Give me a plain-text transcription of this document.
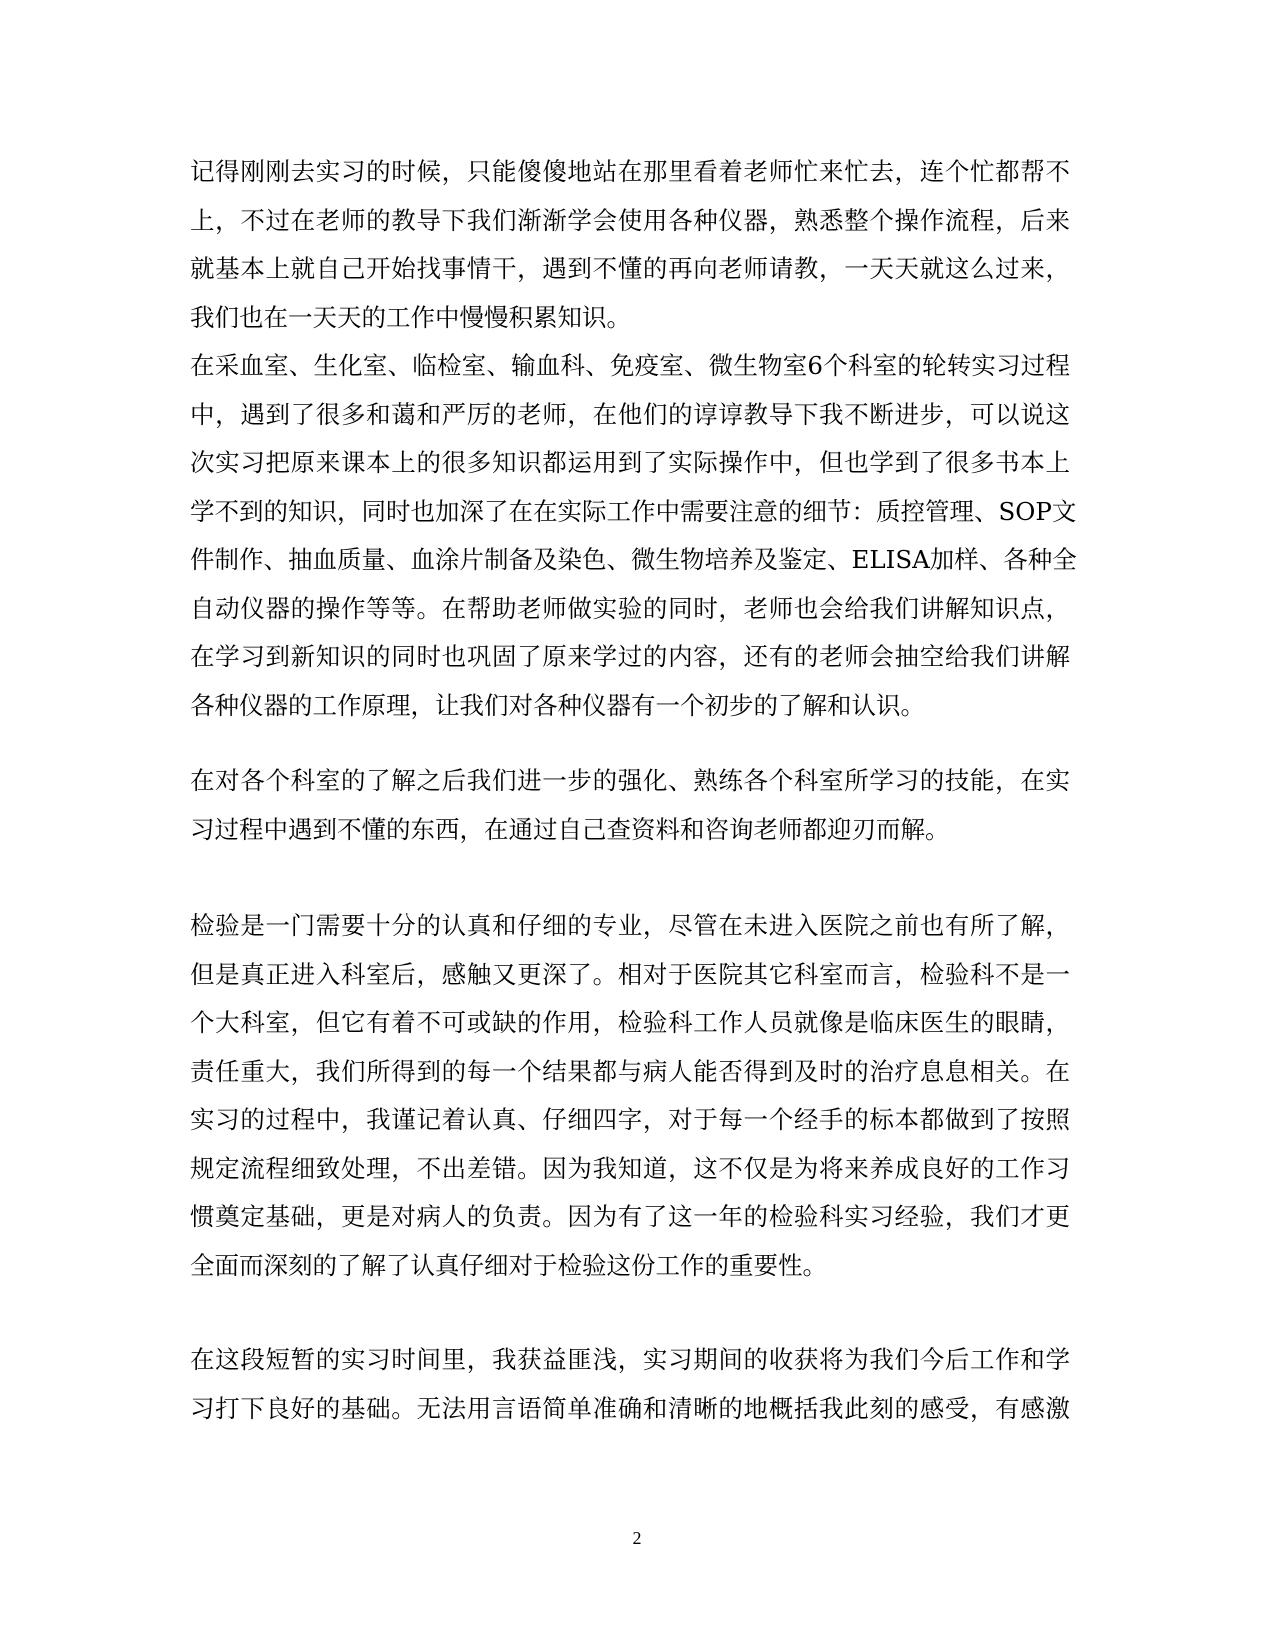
记得刚刚去实习的时候，只能傻傻地站在那里看着老师忙来忙去，连个忙都帮不
上，不过在老师的教导下我们渐渐学会使用各种仪器，熟悉整个操作流程，后来
就基本上就自己开始找事情干，遇到不懂的再向老师请教，一天天就这么过来，
我们也在一天天的工作中慢慢积累知识。
在采血室、生化室、临检室、输血科、免疫室、微生物室6个科室的轮转实习过程
中，遇到了很多和蔼和严厉的老师，在他们的谆谆教导下我不断进步，可以说这
次实习把原来课本上的很多知识都运用到了实际操作中，但也学到了很多书本上
学不到的知识，同时也加深了在在实际工作中需要注意的细节：质控管理、SOP文
件制作、抽血质量、血涂片制备及染色、微生物培养及鉴定、ELISA加样、各种全
自动仪器的操作等等。在帮助老师做实验的同时，老师也会给我们讲解知识点，
在学习到新知识的同时也巩固了原来学过的内容，还有的老师会抽空给我们讲解
各种仪器的工作原理，让我们对各种仪器有一个初步的了解和认识。
在对各个科室的了解之后我们进一步的强化、熟练各个科室所学习的技能，在实
习过程中遇到不懂的东西，在通过自己查资料和咨询老师都迎刃而解。
检验是一门需要十分的认真和仔细的专业，尽管在未进入医院之前也有所了解，
但是真正进入科室后，感触又更深了。相对于医院其它科室而言，检验科不是一
个大科室，但它有着不可或缺的作用，检验科工作人员就像是临床医生的眼睛，
责任重大，我们所得到的每一个结果都与病人能否得到及时的治疗息息相关。在
实习的过程中，我谨记着认真、仔细四字，对于每一个经手的标本都做到了按照
规定流程细致处理，不出差错。因为我知道，这不仅是为将来养成良好的工作习
惯奠定基础，更是对病人的负责。因为有了这一年的检验科实习经验，我们才更
全面而深刻的了解了认真仔细对于检验这份工作的重要性。
在这段短暂的实习时间里，我获益匪浅，实习期间的收获将为我们今后工作和学
习打下良好的基础。无法用言语简单准确和清晰的地概括我此刻的感受，有感激
2
